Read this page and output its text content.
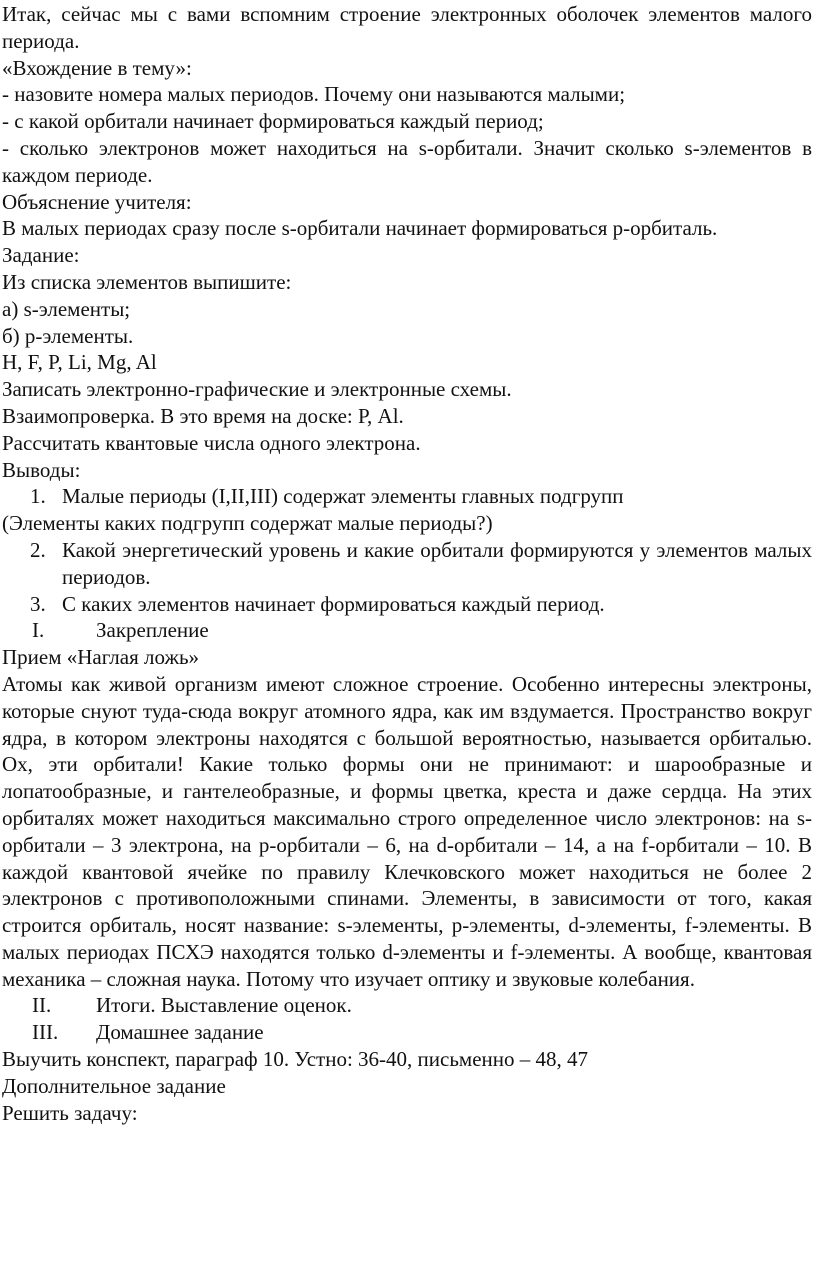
Итак, сейчас мы с вами вспомним строение электронных оболочек элементов малого периода.

«Вхождение в тему»:

- назовите номера малых периодов. Почему они называются малыми;

- с какой орбитали начинает формироваться каждый период;

- сколько электронов может находиться на s-орбитали. Значит сколько s-элементов в каждом периоде.

Объяснение учителя:

В малых периодах сразу после s-орбитали начинает формироваться p-орбиталь.

Задание:

Из списка элементов выпишите:

а) s-элементы;

б) р-элементы.

H, F, P, Li, Mg, Al

Записать электронно-графические и электронные схемы.

Взаимопроверка. В это время на доске: Р, Al.

Рассчитать квантовые числа одного электрона.

Выводы:

1. Малые периоды (I,II,III) содержат элементы главных подгрупп

(Элементы каких подгрупп содержат малые периоды?)

2. Какой энергетический уровень и какие орбитали формируются у элементов малых периодов.
3. С каких элементов начинает формироваться каждый период.
I.	Закрепление

Прием «Наглая ложь»

Атомы как живой организм имеют сложное строение. Особенно интересны электроны, которые снуют туда-сюда вокруг атомного ядра, как им вздумается. Пространство вокруг ядра, в котором электроны находятся с большой вероятностью, называется орбиталью. Ох, эти орбитали! Какие только формы они не принимают: и шарообразные и лопатообразные, и гантелеобразные, и формы цветка, креста и даже сердца. На этих орбиталях может находиться максимально строго определенное число электронов: на s-орбитали – 3 электрона, на р-орбитали – 6, на d-орбитали – 14, а на f-орбитали – 10. В каждой квантовой ячейке по правилу Клечковского может находиться не более 2 электронов с противоположными спинами. Элементы, в зависимости от того, какая строится орбиталь, носят название: s-элементы, р-элементы, d-элементы, f-элементы. В малых периодах ПСХЭ находятся только d-элементы и f-элементы. А вообще, квантовая механика – сложная наука. Потому что изучает оптику и звуковые колебания.

II.	Итоги. Выставление оценок.
III.	Домашнее задание

Выучить конспект, параграф 10. Устно: 36-40, письменно – 48, 47

Дополнительное задание

Решить задачу:
